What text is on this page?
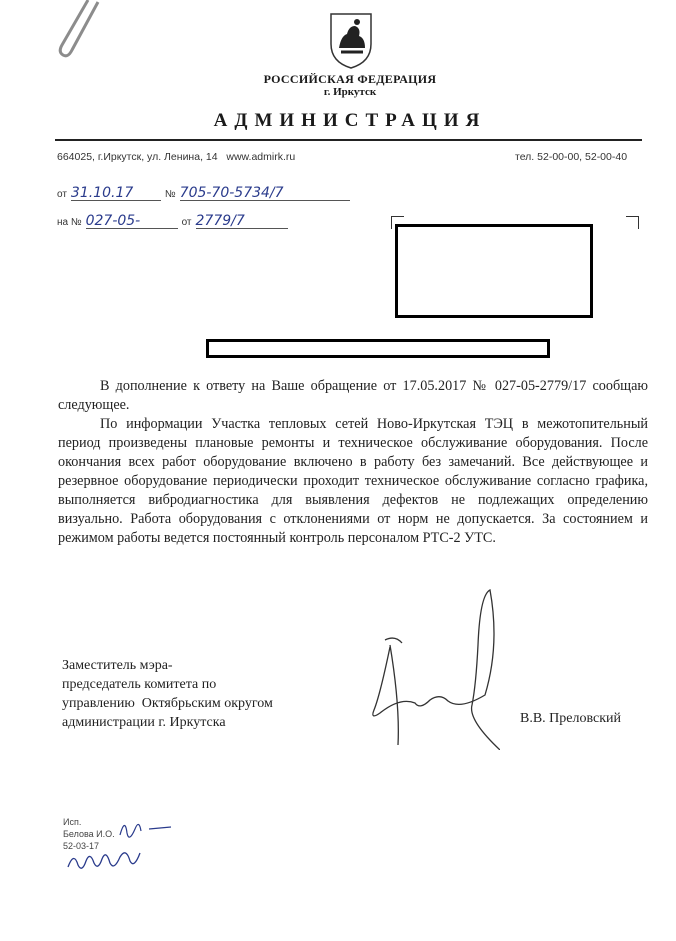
РОССИЙСКАЯ ФЕДЕРАЦИЯ
г. Иркутск
АДМИНИСТРАЦИЯ
664025, г.Иркутск, ул. Ленина, 14 www.admirk.ru	тел. 52-00-00, 52-00-40
от 31.10.17	№ 705-70-5734/7
на № 027-05-	от 2779/7

В дополнение к ответу на Ваше обращение от 17.05.2017 № 027-05-2779/17 сообщаю следующее.

По информации Участка тепловых сетей Ново-Иркутская ТЭЦ в межотопительный период произведены плановые ремонты и техническое обслуживание оборудования. После окончания всех работ оборудование включено в работу без замечаний. Все действующее и резервное оборудование периодически проходит техническое обслуживание согласно графика, выполняется вибродиагностика для выявления дефектов не подлежащих определению визуально. Работа оборудования с отклонениями от норм не допускается. За состоянием и режимом работы ведется постоянный контроль персоналом РТС-2 УТС.

Заместитель мэра-
председатель комитета по
управлению  Октябрьским округом
администрации г. Иркутска	В.В. Преловский
Исп.
Белова И.О.
52-03-17
